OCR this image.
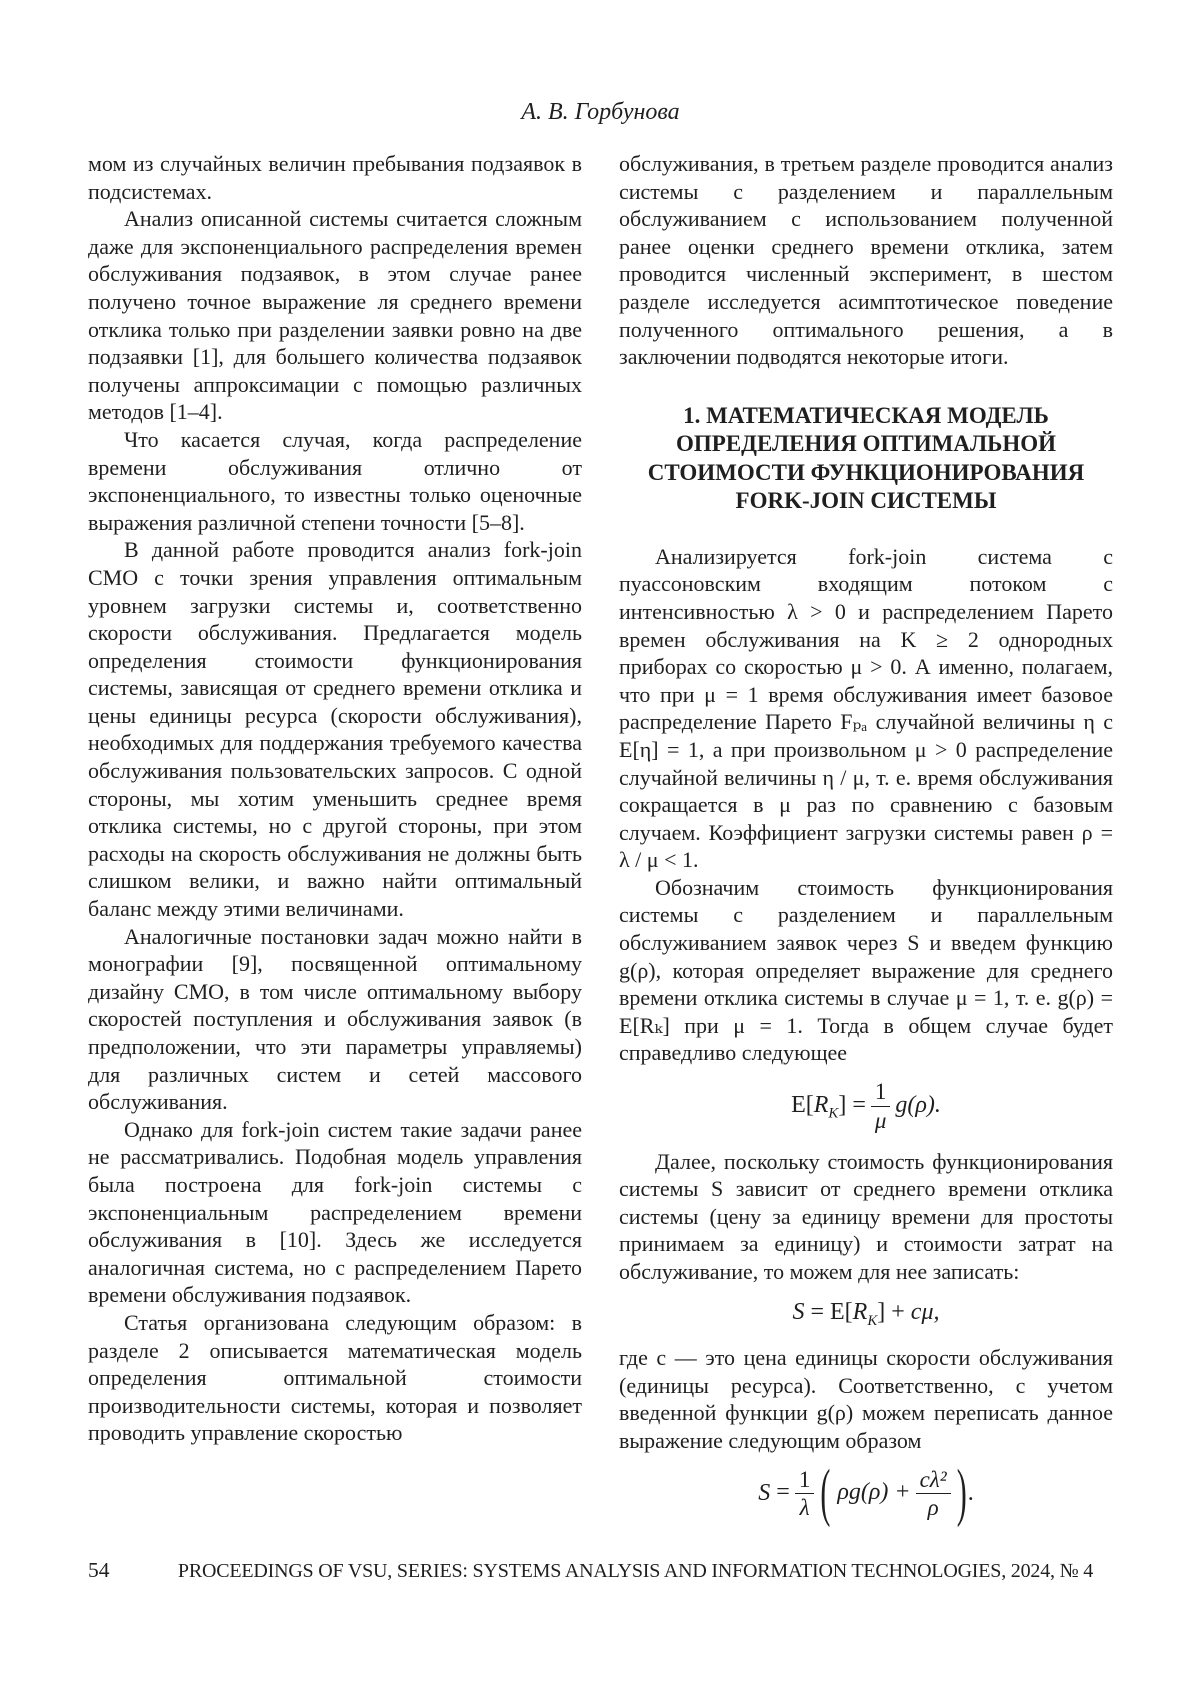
А. В. Горбунова

мом из случайных величин пребывания подзаявок в подсистемах.

Анализ описанной системы считается сложным даже для экспоненциального распределения времен обслуживания подзаявок, в этом случае ранее получено точное выражение ля среднего времени отклика только при разделении заявки ровно на две подзаявки [1], для большего количества подзаявок получены аппроксимации с помощью различных методов [1–4].

Что касается случая, когда распределение времени обслуживания отлично от экспоненциального, то известны только оценочные выражения различной степени точности [5–8].

В данной работе проводится анализ fork-join СМО с точки зрения управления оптимальным уровнем загрузки системы и, соответственно скорости обслуживания. Предлагается модель определения стоимости функционирования системы, зависящая от среднего времени отклика и цены единицы ресурса (скорости обслуживания), необходимых для поддержания требуемого качества обслуживания пользовательских запросов. С одной стороны, мы хотим уменьшить среднее время отклика системы, но с другой стороны, при этом расходы на скорость обслуживания не должны быть слишком велики, и важно найти оптимальный баланс между этими величинами.

Аналогичные постановки задач можно найти в монографии [9], посвященной оптимальному дизайну СМО, в том числе оптимальному выбору скоростей поступления и обслуживания заявок (в предположении, что эти параметры управляемы) для различных систем и сетей массового обслуживания.

Однако для fork-join систем такие задачи ранее не рассматривались. Подобная модель управления была построена для fork-join системы с экспоненциальным распределением времени обслуживания в [10]. Здесь же исследуется аналогичная система, но с распределением Парето времени обслуживания подзаявок.

Статья организована следующим образом: в разделе 2 описывается математическая модель определения оптимальной стоимости производительности системы, которая и позволяет проводить управление скоростью

обслуживания, в третьем разделе проводится анализ системы с разделением и параллельным обслуживанием с использованием полученной ранее оценки среднего времени отклика, затем проводится численный эксперимент, в шестом разделе исследуется асимптотическое поведение полученного оптимального решения, а в заключении подводятся некоторые итоги.

1. МАТЕМАТИЧЕСКАЯ МОДЕЛЬ
ОПРЕДЕЛЕНИЯ ОПТИМАЛЬНОЙ
СТОИМОСТИ ФУНКЦИОНИРОВАНИЯ
FORK-JOIN СИСТЕМЫ

Анализируется fork-join система с пуассоновским входящим потоком с интенсивностью λ > 0 и распределением Парето времен обслуживания на K ≥ 2 однородных приборах со скоростью μ > 0. А именно, полагаем, что при μ = 1 время обслуживания имеет базовое распределение Парето Fₚₐ случайной величины η с E[η] = 1, а при произвольном μ > 0 распределение случайной величины η / μ, т. е. время обслуживания сокращается в μ раз по сравнению с базовым случаем. Коэффициент загрузки системы равен ρ = λ / μ < 1.

Обозначим стоимость функционирования системы с разделением и параллельным обслуживанием заявок через S и введем функцию g(ρ), которая определяет выражение для среднего времени отклика системы в случае μ = 1, т. е. g(ρ) = E[Rₖ] при μ = 1. Тогда в общем случае будет справедливо следующее

$E[R_K] = \frac{1}{\mu} g(\rho)$.

Далее, поскольку стоимость функционирования системы S зависит от среднего времени отклика системы (цену за единицу времени для простоты принимаем за единицу) и стоимости затрат на обслуживание, то можем для нее записать:

$S = E[R_K] + c\mu$,

где c — это цена единицы скорости обслуживания (единицы ресурса). Соответственно, с учетом введенной функции g(ρ) можем переписать данное выражение следующим образом

$S = \frac{1}{\lambda}$ ( $\rho g(\rho) + \frac{\text{cλ²}}{\rho}$ ).
54	PROCEEDINGS OF VSU, SERIES: SYSTEMS ANALYSIS AND INFORMATION TECHNOLOGIES, 2024, № 4
